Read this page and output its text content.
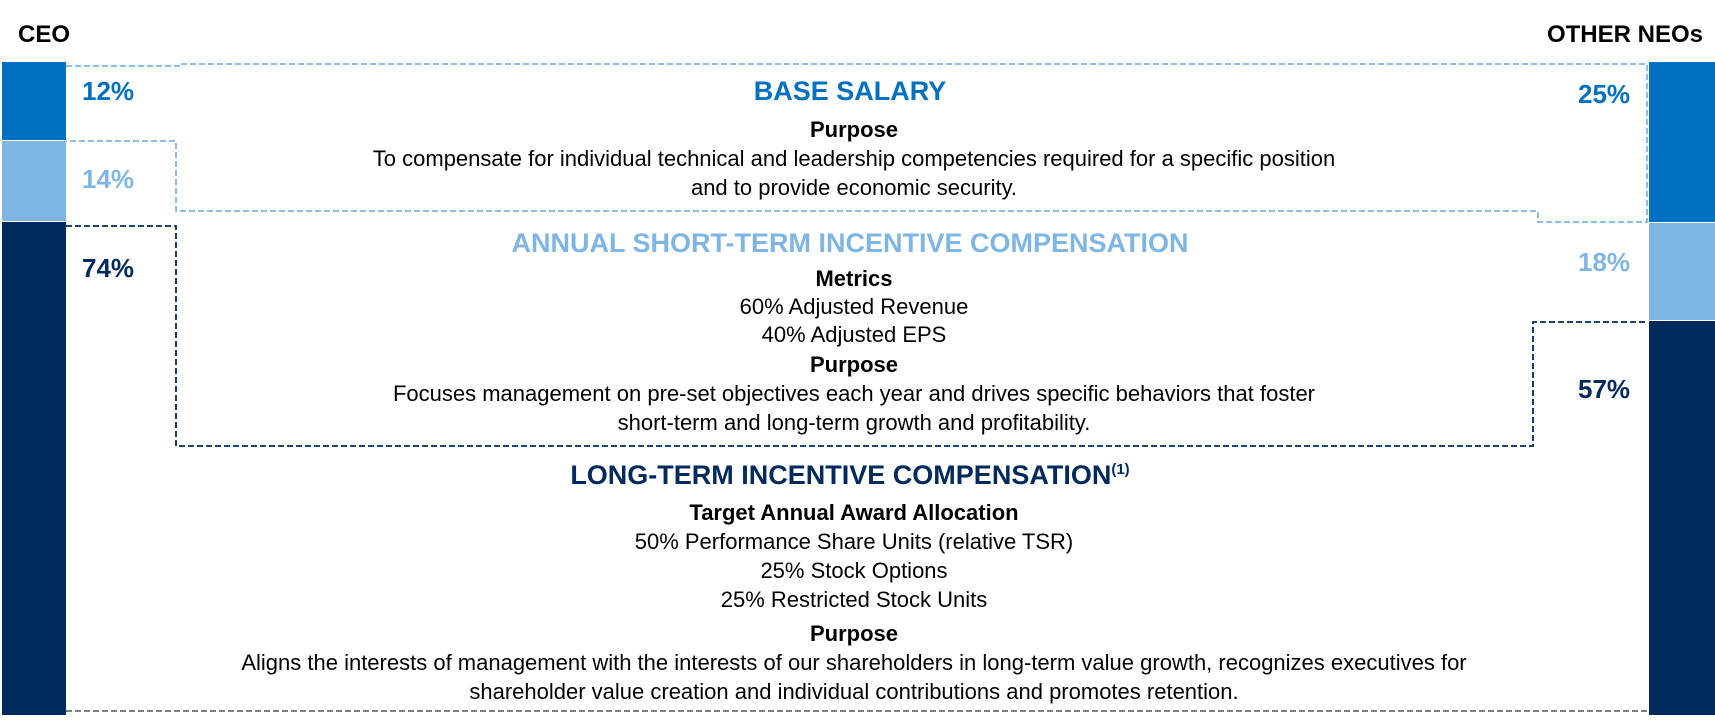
CEO	OTHER NEOs
12%
14%
74%
25%
18%
57%
BASE SALARY
Purpose
To compensate for individual technical and leadership competencies required for a specific position
and to provide economic security.
ANNUAL SHORT-TERM INCENTIVE COMPENSATION
Metrics
60% Adjusted Revenue
40% Adjusted EPS
Purpose
Focuses management on pre-set objectives each year and drives specific behaviors that foster
short-term and long-term growth and profitability.
LONG-TERM INCENTIVE COMPENSATION$^{(1)}$
Target Annual Award Allocation
50% Performance Share Units (relative TSR)
25% Stock Options
25% Restricted Stock Units
Purpose
Aligns the interests of management with the interests of our shareholders in long-term value growth, recognizes executives for
shareholder value creation and individual contributions and promotes retention.
